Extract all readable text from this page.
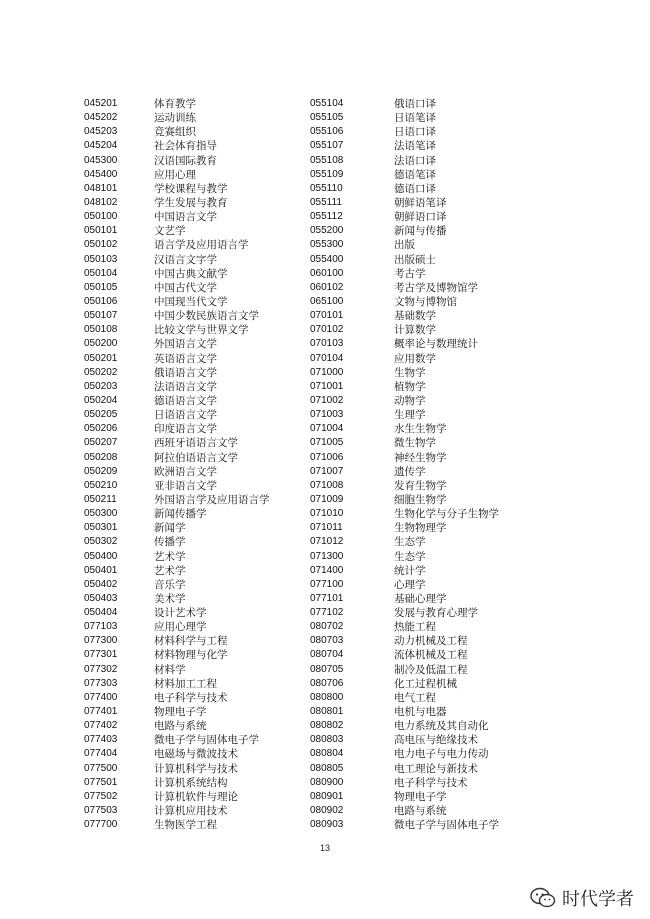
045201	体育教学	055104	俄语口译
045202	运动训练	055105	日语笔译
045203	竞赛组织	055106	日语口译
045204	社会体育指导	055107	法语笔译
045300	汉语国际教育	055108	法语口译
045400	应用心理	055109	德语笔译
048101	学校课程与教学	055110	德语口译
048102	学生发展与教育	055111	朝鲜语笔译
050100	中国语言文学	055112	朝鲜语口译
050101	文艺学	055200	新闻与传播
050102	语言学及应用语言学	055300	出版
050103	汉语言文字学	055400	出版硕士
050104	中国古典文献学	060100	考古学
050105	中国古代文学	060102	考古学及博物馆学
050106	中国现当代文学	065100	文物与博物馆
050107	中国少数民族语言文学	070101	基础数学
050108	比较文学与世界文学	070102	计算数学
050200	外国语言文学	070103	概率论与数理统计
050201	英语语言文学	070104	应用数学
050202	俄语语言文学	071000	生物学
050203	法语语言文学	071001	植物学
050204	德语语言文学	071002	动物学
050205	日语语言文学	071003	生理学
050206	印度语言文学	071004	水生生物学
050207	西班牙语语言文学	071005	微生物学
050208	阿拉伯语语言文学	071006	神经生物学
050209	欧洲语言文学	071007	遗传学
050210	亚非语言文学	071008	发育生物学
050211	外国语言学及应用语言学	071009	细胞生物学
050300	新闻传播学	071010	生物化学与分子生物学
050301	新闻学	071011	生物物理学
050302	传播学	071012	生态学
050400	艺术学	071300	生态学
050401	艺术学	071400	统计学
050402	音乐学	077100	心理学
050403	美术学	077101	基础心理学
050404	设计艺术学	077102	发展与教育心理学
077103	应用心理学	080702	热能工程
077300	材料科学与工程	080703	动力机械及工程
077301	材料物理与化学	080704	流体机械及工程
077302	材料学	080705	制冷及低温工程
077303	材料加工工程	080706	化工过程机械
077400	电子科学与技术	080800	电气工程
077401	物理电子学	080801	电机与电器
077402	电路与系统	080802	电力系统及其自动化
077403	微电子学与固体电子学	080803	高电压与绝缘技术
077404	电磁场与微波技术	080804	电力电子与电力传动
077500	计算机科学与技术	080805	电工理论与新技术
077501	计算机系统结构	080900	电子科学与技术
077502	计算机软件与理论	080901	物理电子学
077503	计算机应用技术	080902	电路与系统
077700	生物医学工程	080903	微电子学与固体电子学
13
时代学者
